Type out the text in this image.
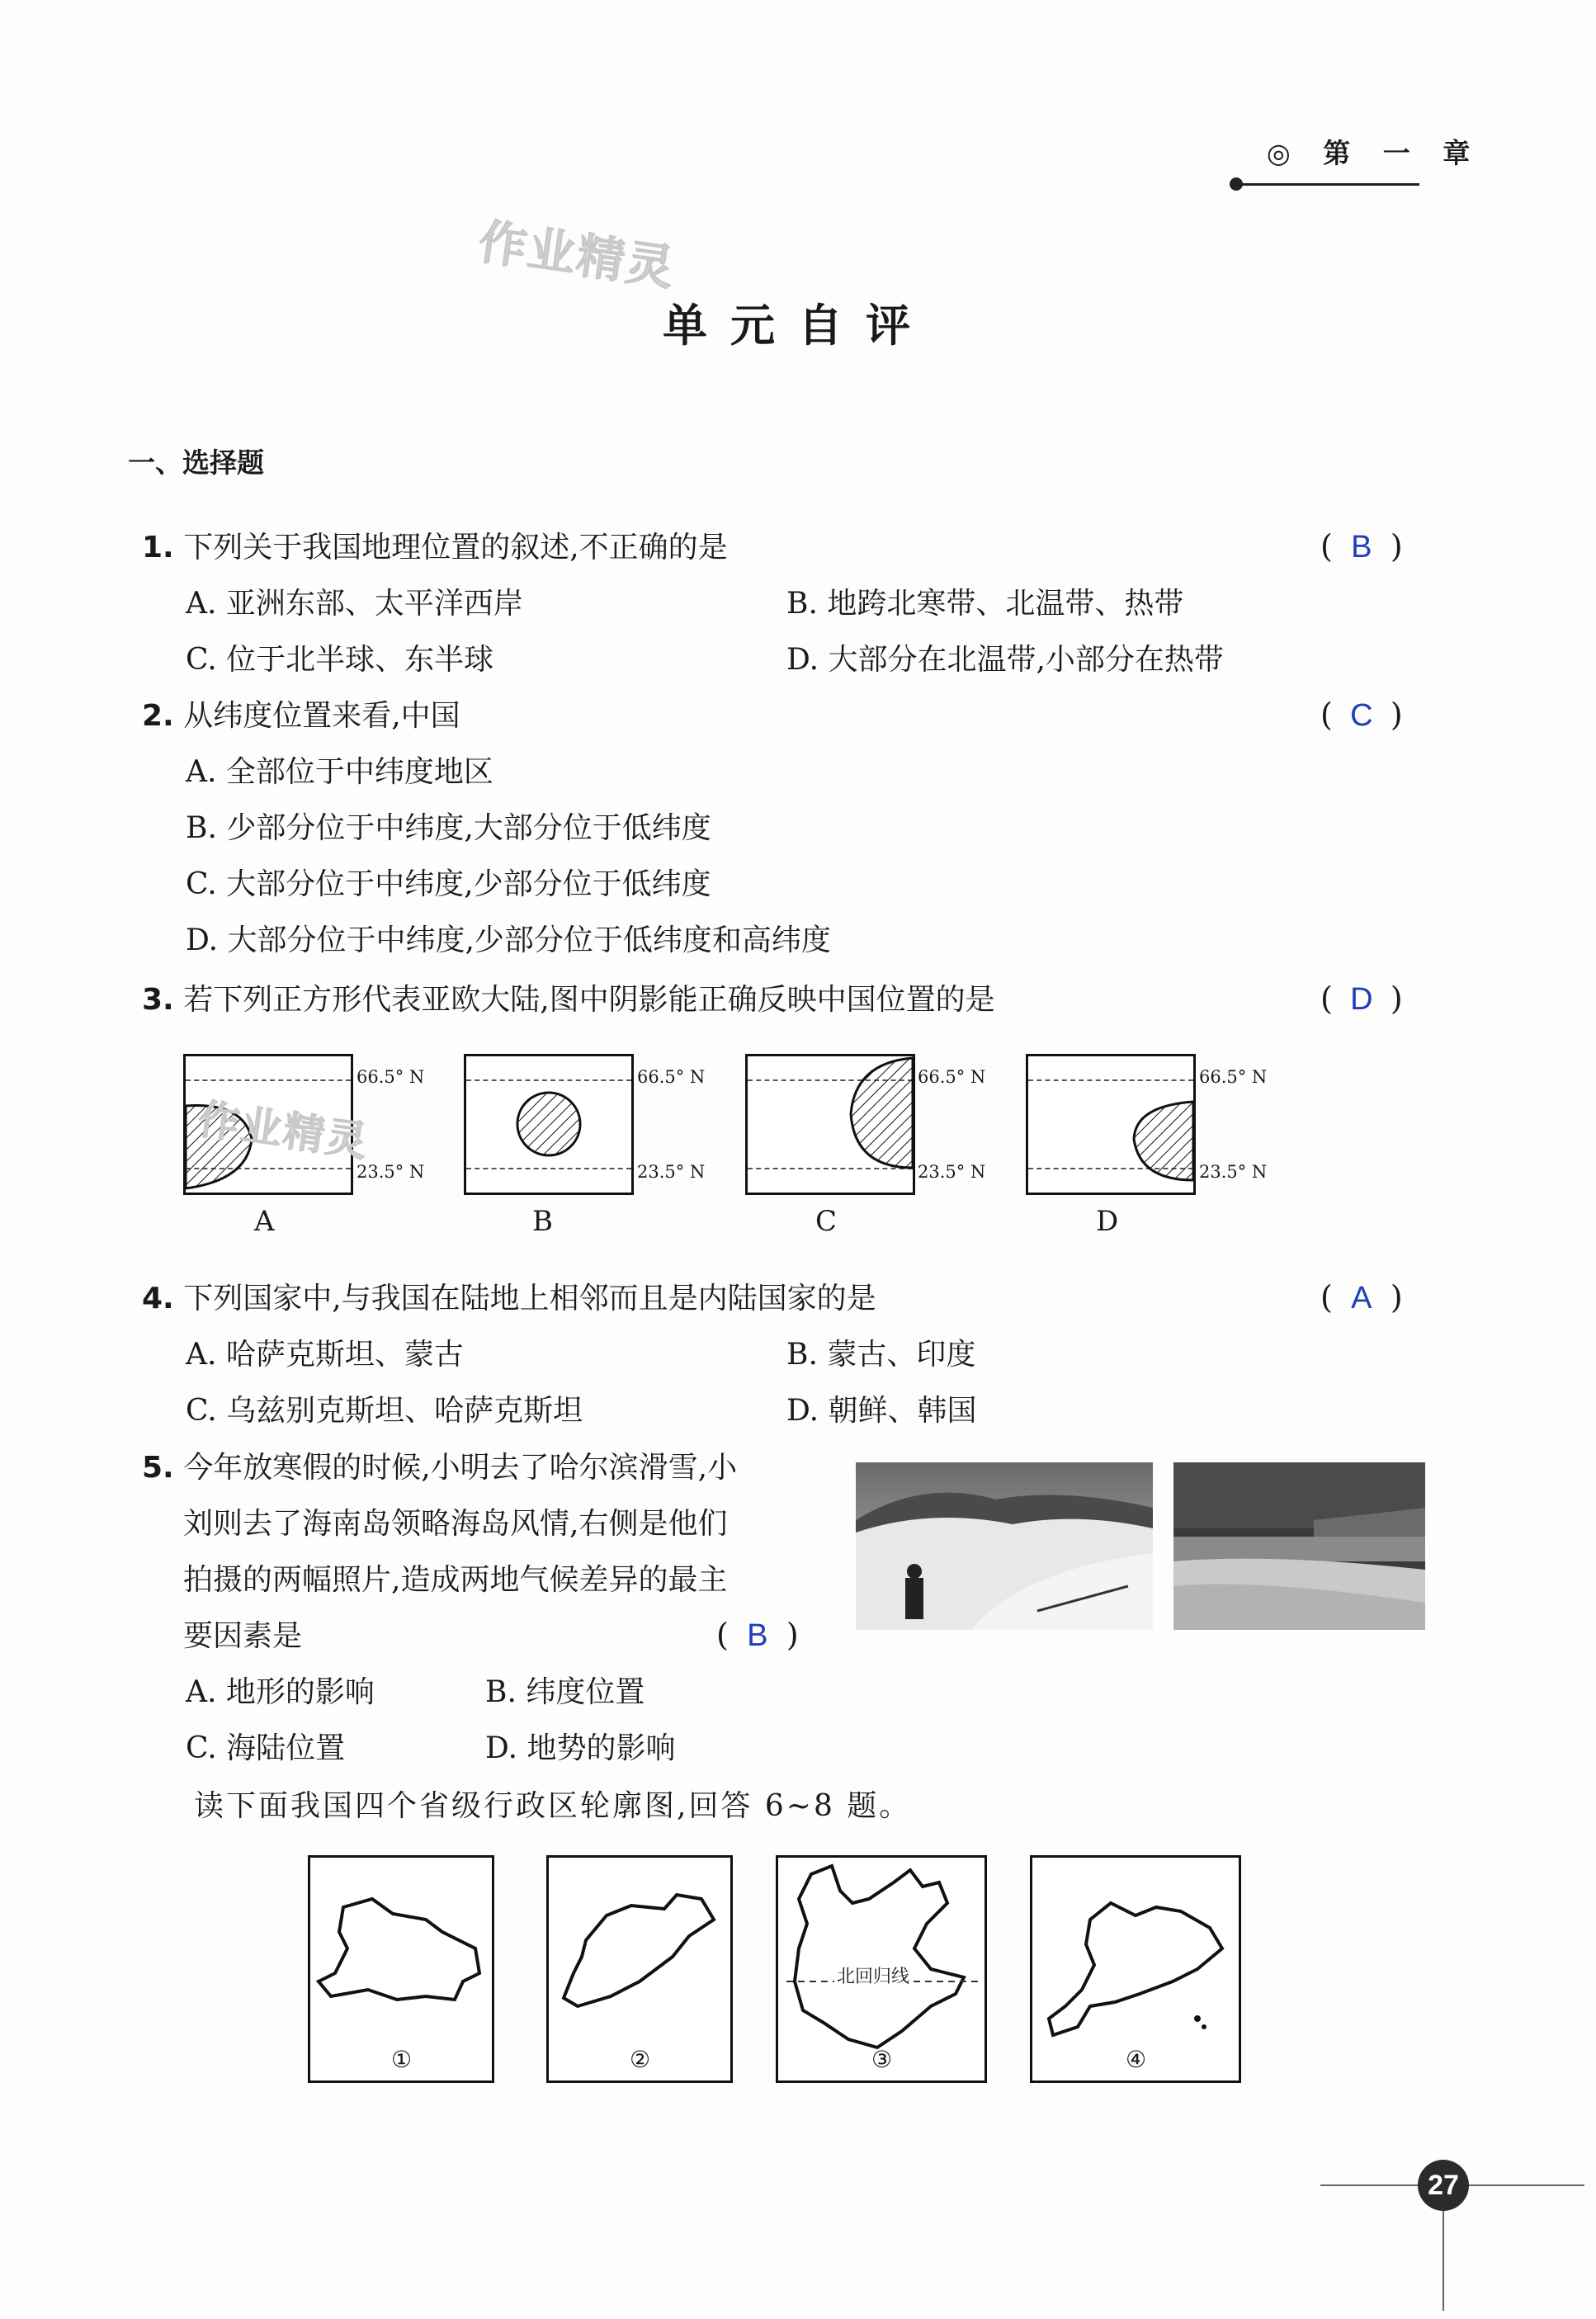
◎ 第 一 章
作业精灵
单元自评
一、选择题
1. 下列关于我国地理位置的叙述,不正确的是	( B )
A. 亚洲东部、太平洋西岸	B. 地跨北寒带、北温带、热带
C. 位于北半球、东半球	D. 大部分在北温带,小部分在热带
2. 从纬度位置来看,中国	( C )
A. 全部位于中纬度地区
B. 少部分位于中纬度,大部分位于低纬度
C. 大部分位于中纬度,少部分位于低纬度
D. 大部分位于中纬度,少部分位于低纬度和高纬度
3. 若下列正方形代表亚欧大陆,图中阴影能正确反映中国位置的是	( D )
66.5° N
23.5° N
A
作业精灵
66.5° N
23.5° N
B
66.5° N
23.5° N
C
66.5° N
23.5° N
D
4. 下列国家中,与我国在陆地上相邻而且是内陆国家的是	( A )
A. 哈萨克斯坦、蒙古	B. 蒙古、印度
C. 乌兹别克斯坦、哈萨克斯坦	D. 朝鲜、韩国
5. 今年放寒假的时候,小明去了哈尔滨滑雪,小
刘则去了海南岛领略海岛风情,右侧是他们
拍摄的两幅照片,造成两地气候差异的最主
要因素是	( B )
A. 地形的影响	B. 纬度位置
C. 海陆位置	D. 地势的影响
读下面我国四个省级行政区轮廓图,回答 6~8 题。
①	②
北回归线
③	④
27
